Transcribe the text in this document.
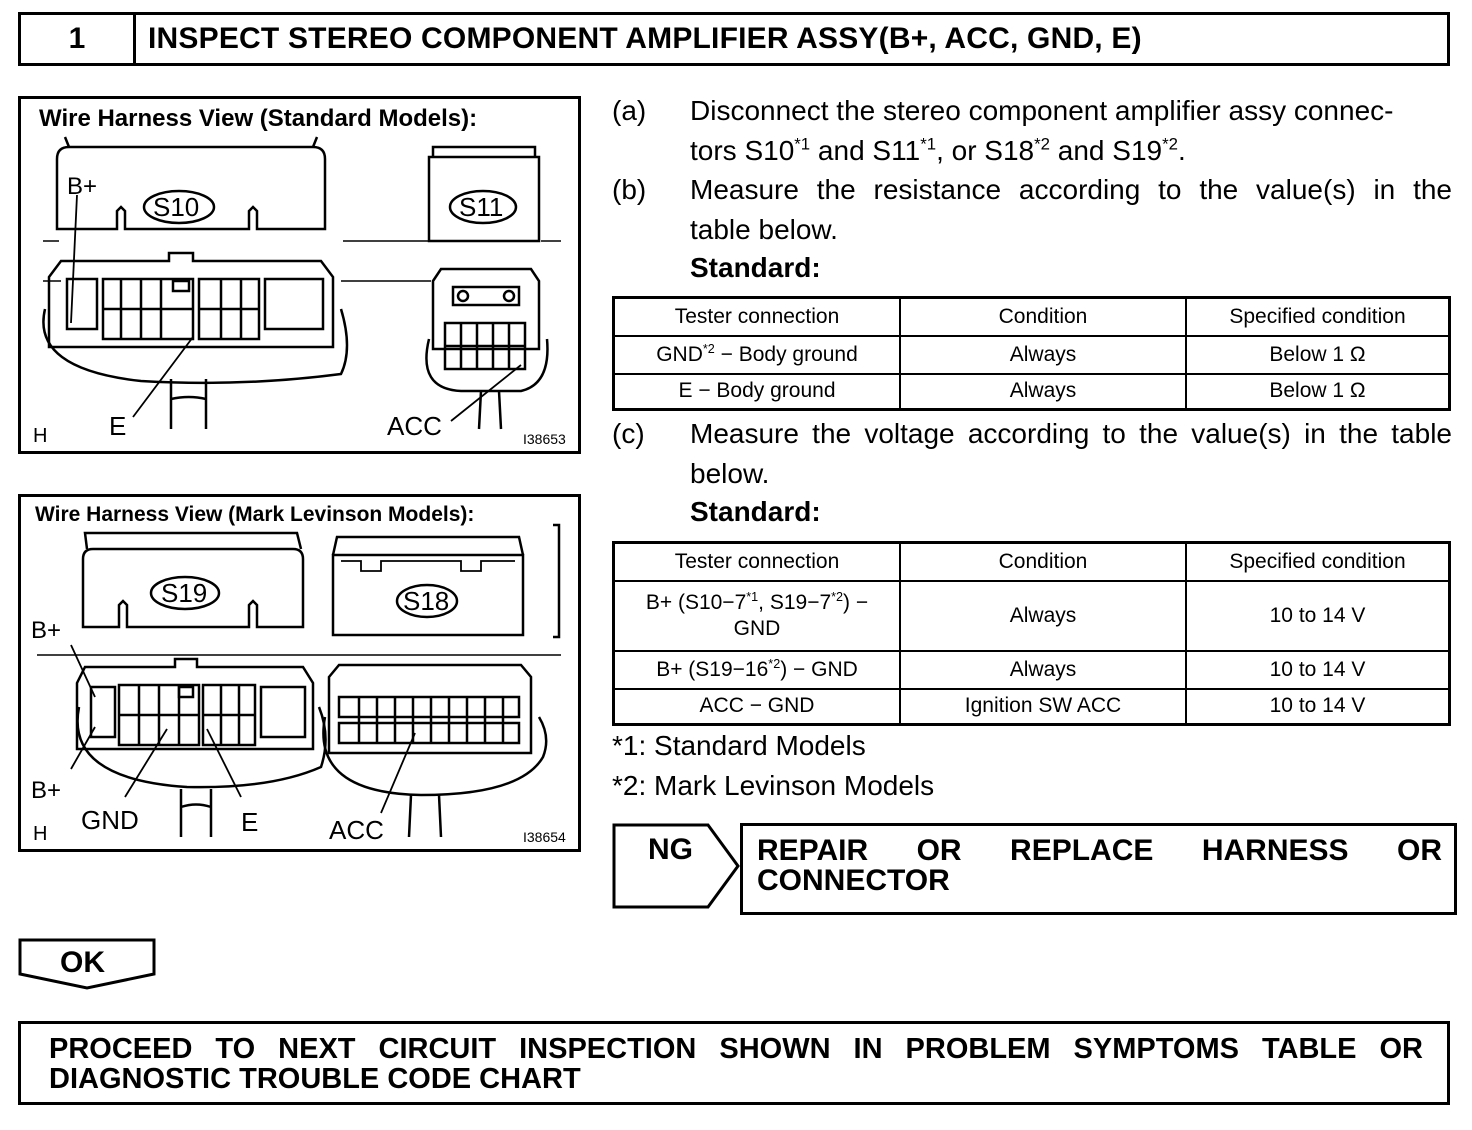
1	INSPECT STEREO COMPONENT AMPLIFIER ASSY(B+, ACC, GND, E)
Wire Harness View (Standard Models):
S10	S11
B+
E	ACC
H	I38653
Wire Harness View (Mark Levinson Models):
S19	S18
B+
B+
GND	E	ACC
H	I38654
(a) Disconnect the stereo component amplifier assy connec-
tors S10$^{*1}$ and S11$^{*1}$, or S18$^{*2}$ and S19$^{*2}$.
(b) Measure the resistance according to the value(s) in the
table below.
Standard:
Tester connection	Condition	Specified condition
$GND^{*2}$ − Body ground	Always	Below 1 Ω
E − Body ground	Always	Below 1 Ω
(c) Measure the voltage according to the value(s) in the table
below.
Standard:
Tester connection	Condition	Specified condition

$B+ (S10-7^{*1}$, $S19-7^{*2}$) −
GND	Always	10 to 14 V
$B+ (S19-16^{*2})$ − GND	Always	10 to 14 V
ACC − GND	Ignition SW ACC	10 to 14 V
*1: Standard Models
*2: Mark Levinson Models
NG REPAIR OR REPLACE HARNESS OR
CONNECTOR
OK
PROCEED TO NEXT CIRCUIT INSPECTION SHOWN IN PROBLEM SYMPTOMS TABLE OR
DIAGNOSTIC TROUBLE CODE CHART
